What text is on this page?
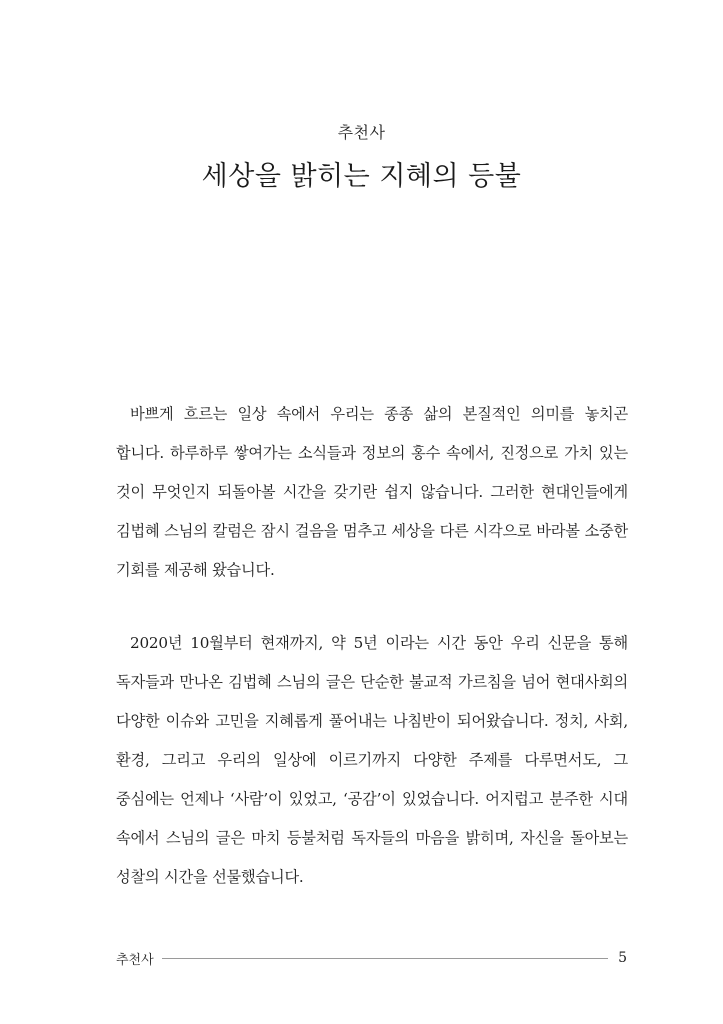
추천사
세상을 밝히는 지혜의 등불

바쁘게 흐르는 일상 속에서 우리는 종종 삶의 본질적인 의미를 놓치곤 합니다. 하루하루 쌓여가는 소식들과 정보의 홍수 속에서, 진정으로 가치 있는 것이 무엇인지 되돌아볼 시간을 갖기란 쉽지 않습니다. 그러한 현대인들에게 김법혜 스님의 칼럼은 잠시 걸음을 멈추고 세상을 다른 시각으로 바라볼 소중한 기회를 제공해 왔습니다.

2020년 10월부터 현재까지, 약 5년 이라는 시간 동안 우리 신문을 통해 독자들과 만나온 김법혜 스님의 글은 단순한 불교적 가르침을 넘어 현대사회의 다양한 이슈와 고민을 지혜롭게 풀어내는 나침반이 되어왔습니다. 정치, 사회, 환경, 그리고 우리의 일상에 이르기까지 다양한 주제를 다루면서도, 그 중심에는 언제나 ‘사람’이 있었고, ‘공감’이 있었습니다. 어지럽고 분주한 시대 속에서 스님의 글은 마치 등불처럼 독자들의 마음을 밝히며, 자신을 돌아보는 성찰의 시간을 선물했습니다.

추천사	5
